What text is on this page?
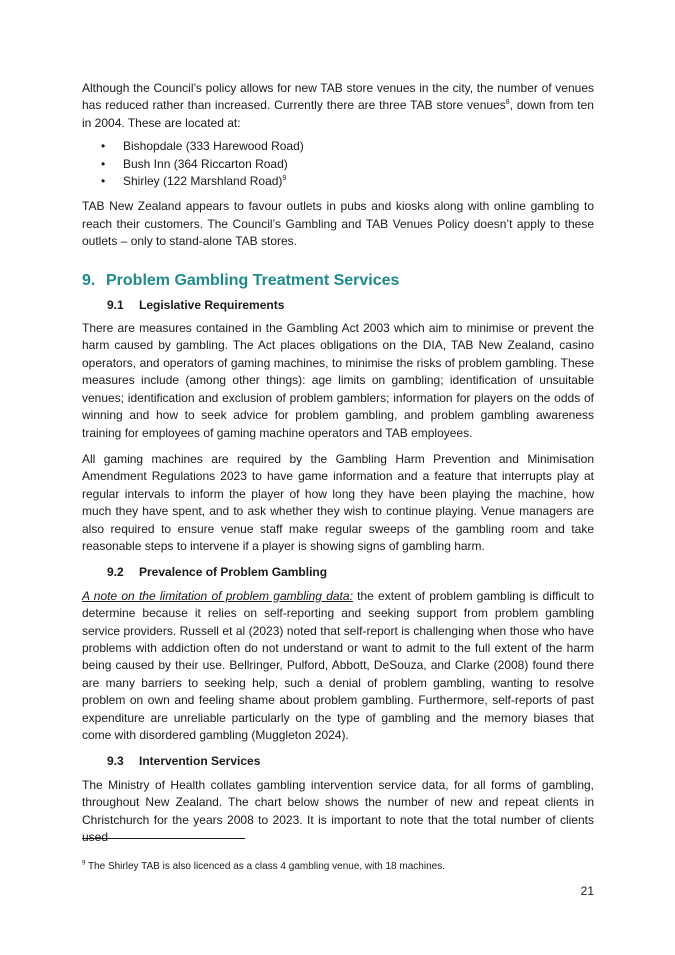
Although the Council’s policy allows for new TAB store venues in the city, the number of venues has reduced rather than increased. Currently there are three TAB store venues$^8$, down from ten in 2004. These are located at:

• Bishopdale (333 Harewood Road)
• Bush Inn (364 Riccarton Road)
• Shirley (122 Marshland Road)$^9$

TAB New Zealand appears to favour outlets in pubs and kiosks along with online gambling to reach their customers. The Council’s Gambling and TAB Venues Policy doesn’t apply to these outlets – only to stand-alone TAB stores.

9. Problem Gambling Treatment Services
9.1 Legislative Requirements

There are measures contained in the Gambling Act 2003 which aim to minimise or prevent the harm caused by gambling. The Act places obligations on the DIA, TAB New Zealand, casino operators, and operators of gaming machines, to minimise the risks of problem gambling. These measures include (among other things): age limits on gambling; identification of unsuitable venues; identification and exclusion of problem gamblers; information for players on the odds of winning and how to seek advice for problem gambling, and problem gambling awareness training for employees of gaming machine operators and TAB employees.

All gaming machines are required by the Gambling Harm Prevention and Minimisation Amendment Regulations 2023 to have game information and a feature that interrupts play at regular intervals to inform the player of how long they have been playing the machine, how much they have spent, and to ask whether they wish to continue playing. Venue managers are also required to ensure venue staff make regular sweeps of the gambling room and take reasonable steps to intervene if a player is showing signs of gambling harm.

9.2 Prevalence of Problem Gambling

A note on the limitation of problem gambling data: the extent of problem gambling is difficult to determine because it relies on self-reporting and seeking support from problem gambling service providers. Russell et al (2023) noted that self-report is challenging when those who have problems with addiction often do not understand or want to admit to the full extent of the harm being caused by their use. Bellringer, Pulford, Abbott, DeSouza, and Clarke (2008) found there are many barriers to seeking help, such a denial of problem gambling, wanting to resolve problem on own and feeling shame about problem gambling. Furthermore, self-reports of past expenditure are unreliable particularly on the type of gambling and the memory biases that come with disordered gambling (Muggleton 2024).

9.3 Intervention Services

The Ministry of Health collates gambling intervention service data, for all forms of gambling, throughout New Zealand. The chart below shows the number of new and repeat clients in Christchurch for the years 2008 to 2023. It is important to note that the total number of clients used

$^9$ The Shirley TAB is also licenced as a class 4 gambling venue, with 18 machines.
21
